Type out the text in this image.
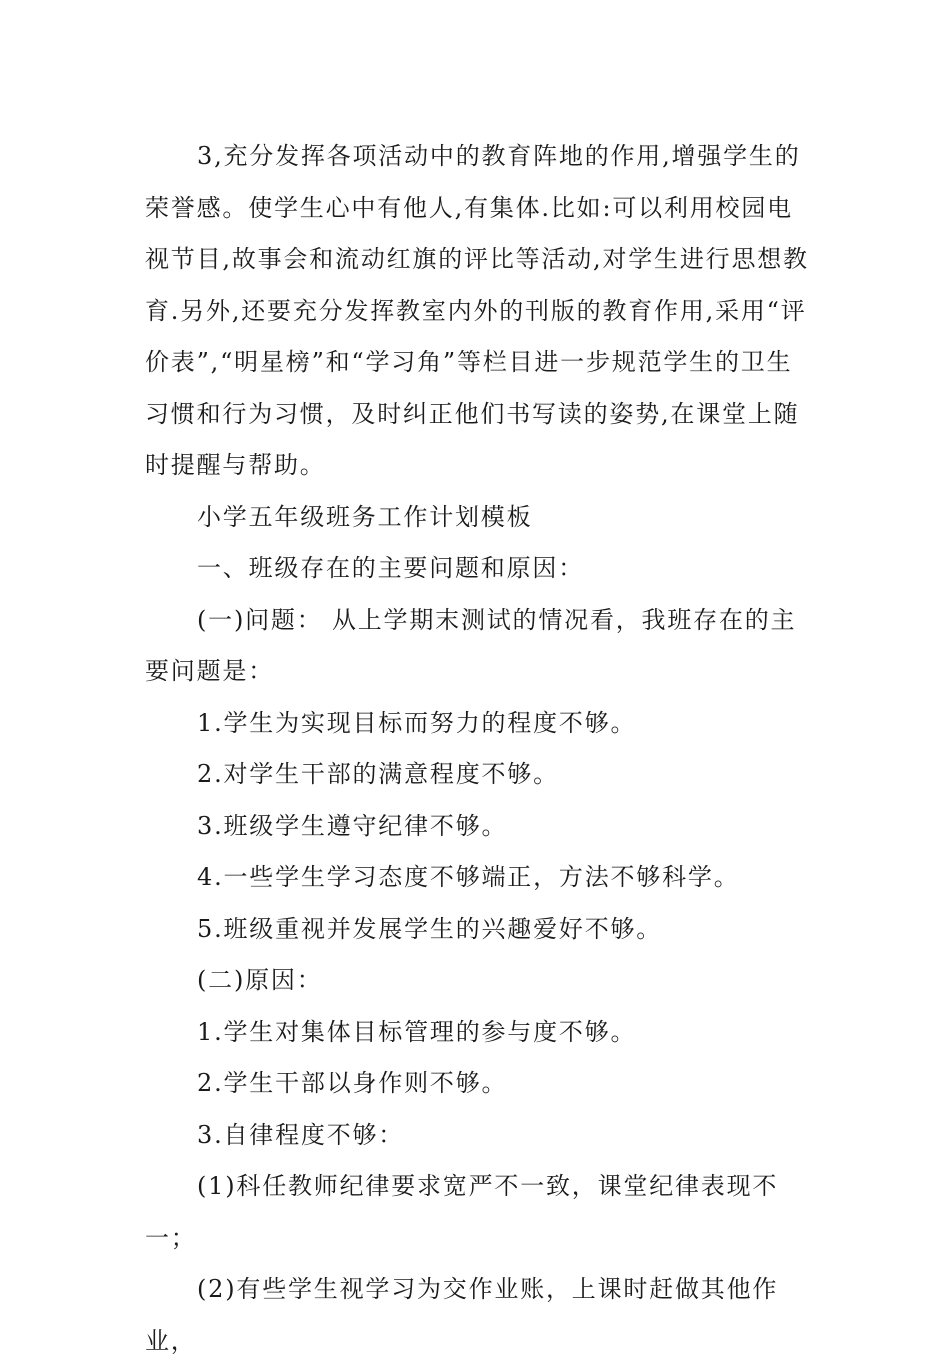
3,充分发挥各项活动中的教育阵地的作用,增强学生的荣誉感。使学生心中有他人,有集体.比如:可以利用校园电视节目,故事会和流动红旗的评比等活动,对学生进行思想教育.另外,还要充分发挥教室内外的刊版的教育作用,采用“评价表”,“明星榜”和“学习角”等栏目进一步规范学生的卫生习惯和行为习惯，及时纠正他们书写读的姿势,在课堂上随时提醒与帮助。

小学五年级班务工作计划模板

一、班级存在的主要问题和原因：

(一)问题： 从上学期末测试的情况看，我班存在的主要问题是：

1.学生为实现目标而努力的程度不够。

2.对学生干部的满意程度不够。

3.班级学生遵守纪律不够。

4.一些学生学习态度不够端正，方法不够科学。

5.班级重视并发展学生的兴趣爱好不够。

(二)原因：

1.学生对集体目标管理的参与度不够。

2.学生干部以身作则不够。

3.自律程度不够：

(1)科任教师纪律要求宽严不一致，课堂纪律表现不一；

(2)有些学生视学习为交作业账，上课时赶做其他作业，
